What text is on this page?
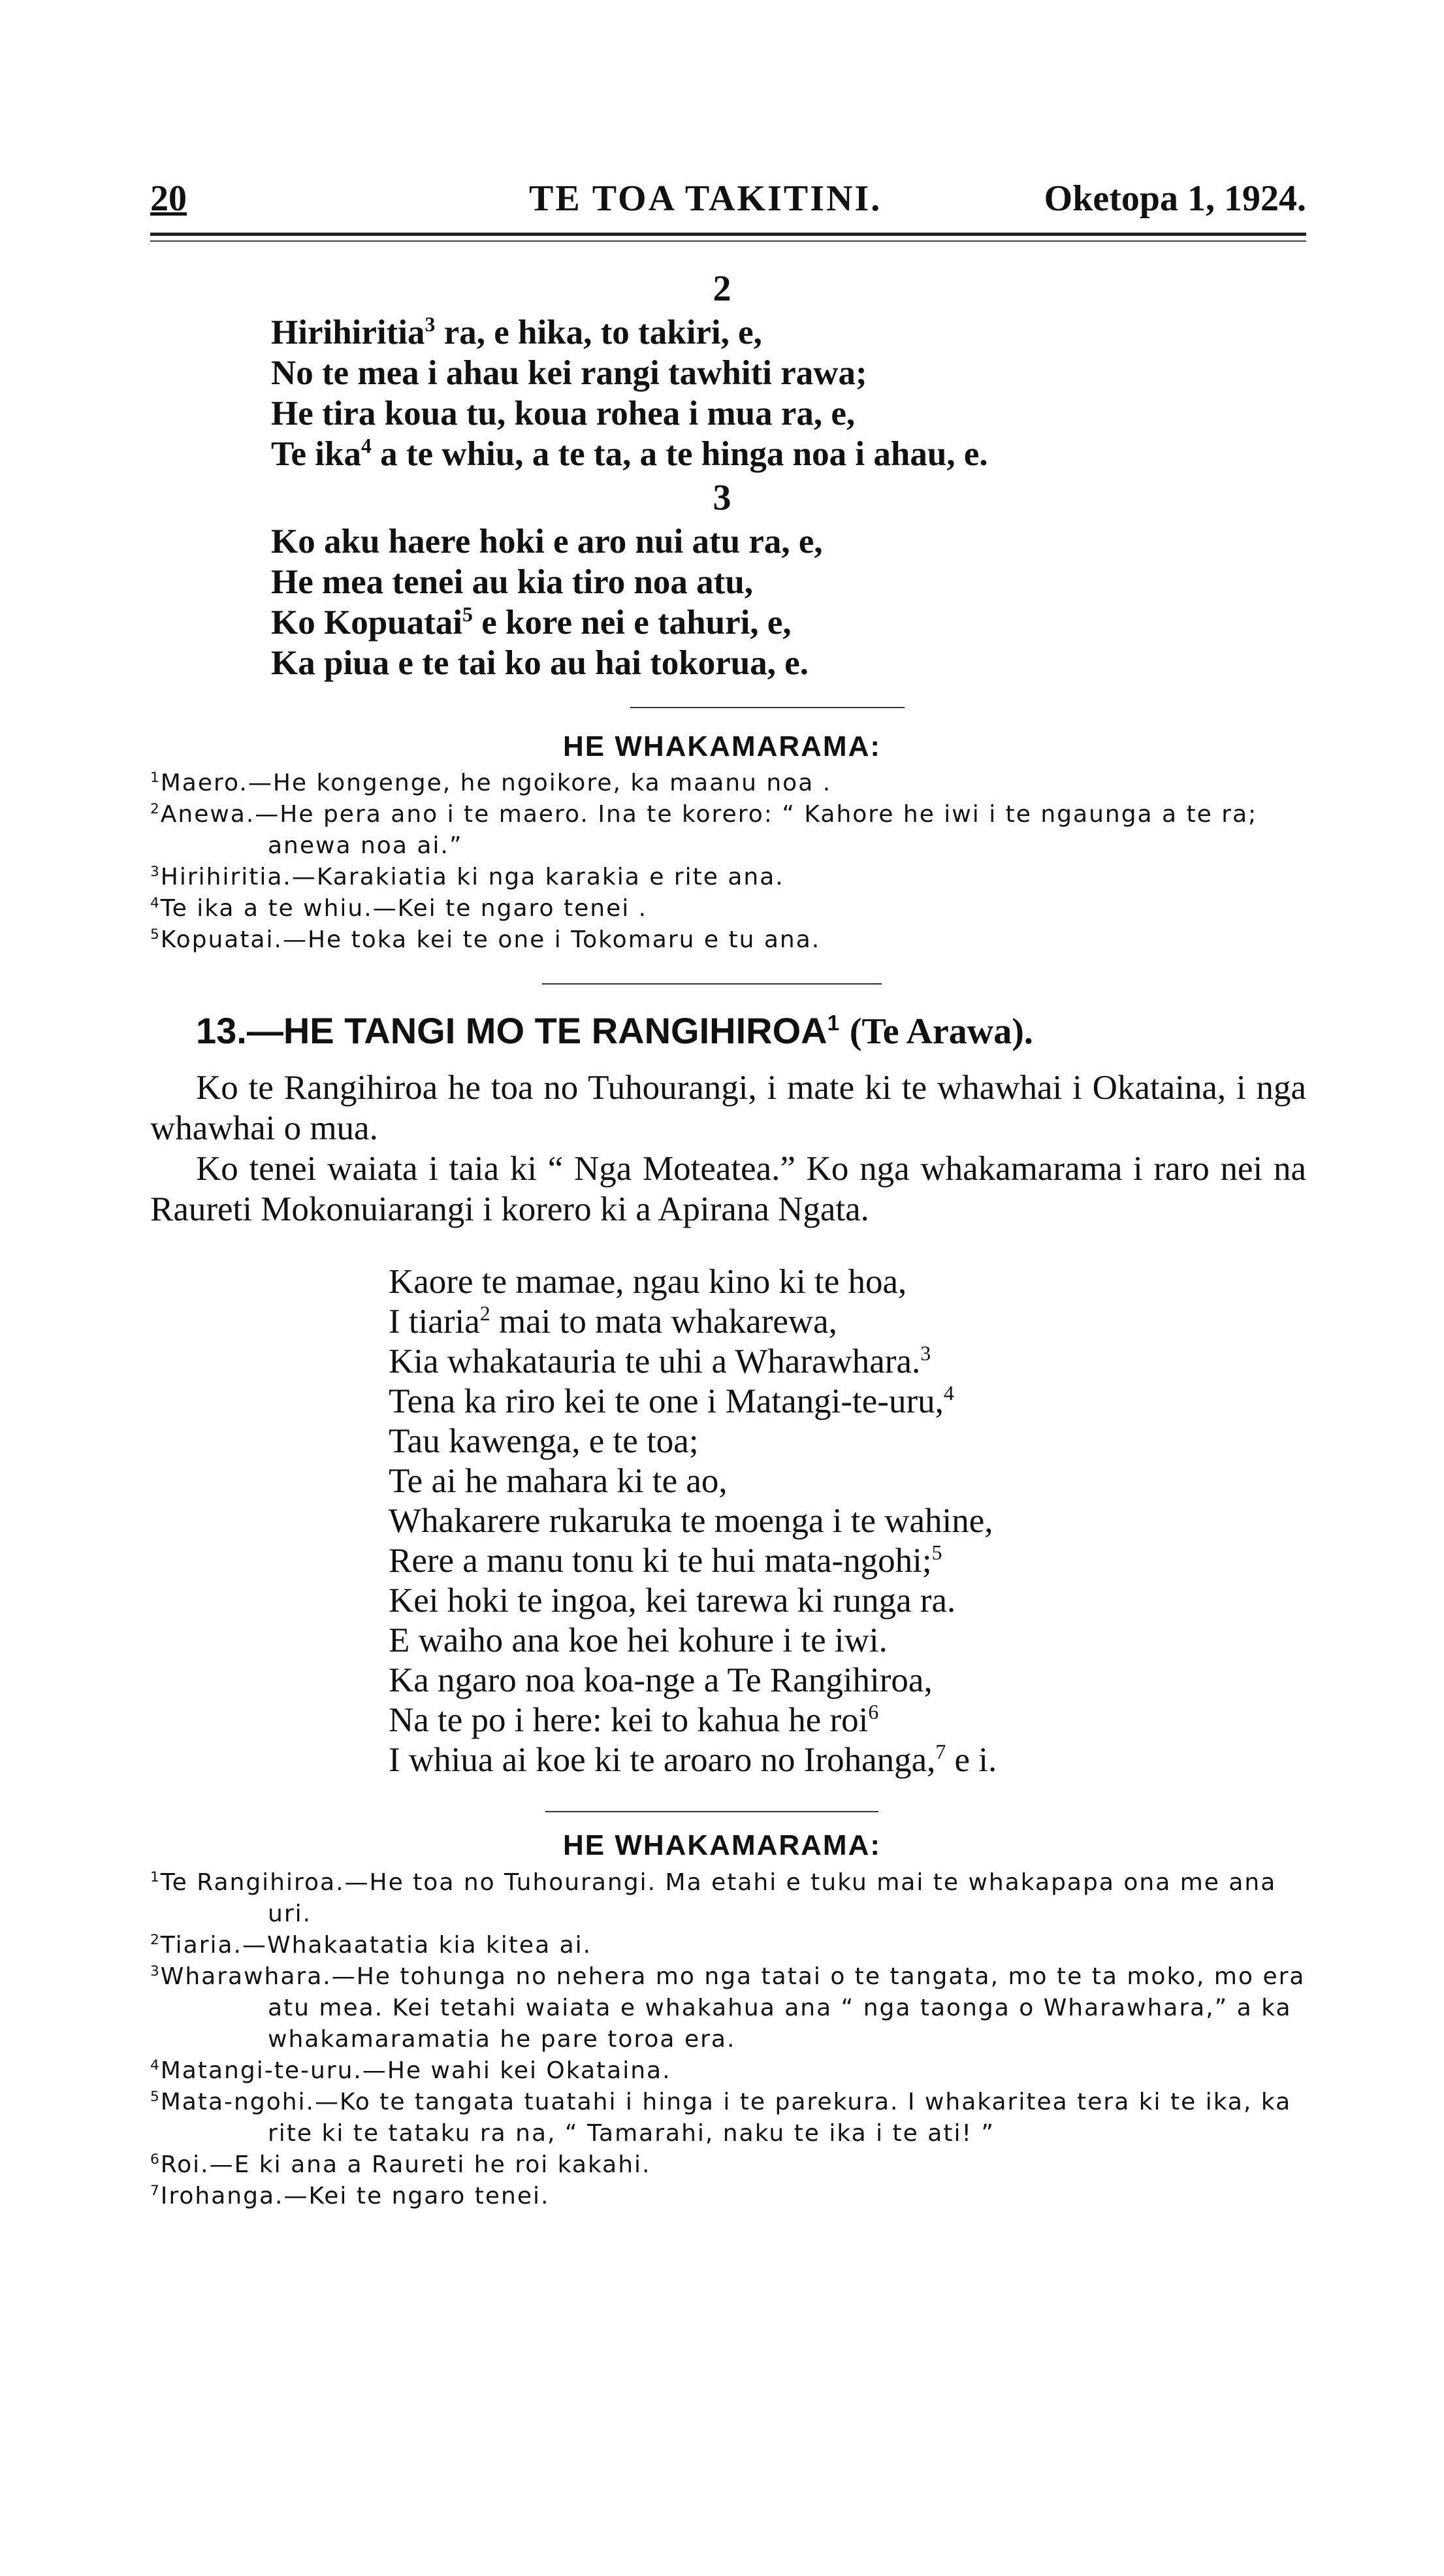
20	TE TOA TAKITINI.	Oketopa 1, 1924.
2
Hirihiritia$^3$ ra, e hika, to takiri, e,
No te mea i ahau kei rangi tawhiti rawa;
He tira koua tu, koua rohea i mua ra, e,
Te ika$^4$ a te whiu, a te ta, a te hinga noa i ahau, e.
3
Ko aku haere hoki e aro nui atu ra, e,
He mea tenei au kia tiro noa atu,
Ko Kopuatai$^5$ e kore nei e tahuri, e,
Ka piua e te tai ko au hai tokorua, e.
HE WHAKAMARAMA:
$^1$Maero.—He kongenge, he ngoikore, ka maanu noa .
$^2$Anewa.—He pera ano i te maero. Ina te korero: “ Kahore he iwi i te ngaunga a te ra; anewa noa ai.”
$^3$Hirihiritia.—Karakiatia ki nga karakia e rite ana.
$^4$Te ika a te whiu.—Kei te ngaro tenei .
$^5$Kopuatai.—He toka kei te one i Tokomaru e tu ana.
13.—HE TANGI MO TE RANGIHIROA$^1$ (Te Arawa).

Ko te Rangihiroa he toa no Tuhourangi, i mate ki te whawhai i Okataina, i nga whawhai o mua.

Ko tenei waiata i taia ki “ Nga Moteatea.” Ko nga whakamarama i raro nei na Raureti Mokonuiarangi i korero ki a Apirana Ngata.

Kaore te mamae, ngau kino ki te hoa,
I tiaria$^2$ mai to mata whakarewa,
Kia whakatauria te uhi a Wharawhara.$^3$
Tena ka riro kei te one i Matangi-te-uru,$^4$
Tau kawenga, e te toa;
Te ai he mahara ki te ao,
Whakarere rukaruka te moenga i te wahine,
Rere a manu tonu ki te hui mata-ngohi;$^5$
Kei hoki te ingoa, kei tarewa ki runga ra.
E waiho ana koe hei kohure i te iwi.
Ka ngaro noa koa-nge a Te Rangihiroa,
Na te po i here: kei to kahua he roi$^6$
I whiua ai koe ki te aroaro no Irohanga,$^7$ e i.
HE WHAKAMARAMA:
$^1$Te Rangihiroa.—He toa no Tuhourangi. Ma etahi e tuku mai te whakapapa ona me ana uri.
$^2$Tiaria.—Whakaatatia kia kitea ai.
$^3$Wharawhara.—He tohunga no nehera mo nga tatai o te tangata, mo te ta moko, mo era atu mea. Kei tetahi waiata e whakahua ana “ nga taonga o Wharawhara,” a ka whakamaramatia he pare toroa era.
$^4$Matangi-te-uru.—He wahi kei Okataina.
$^5$Mata-ngohi.—Ko te tangata tuatahi i hinga i te parekura. I whakaritea tera ki te ika, ka rite ki te tataku ra na, “ Tamarahi, naku te ika i te ati! ”
$^6$Roi.—E ki ana a Raureti he roi kakahi.
$^7$Irohanga.—Kei te ngaro tenei.
